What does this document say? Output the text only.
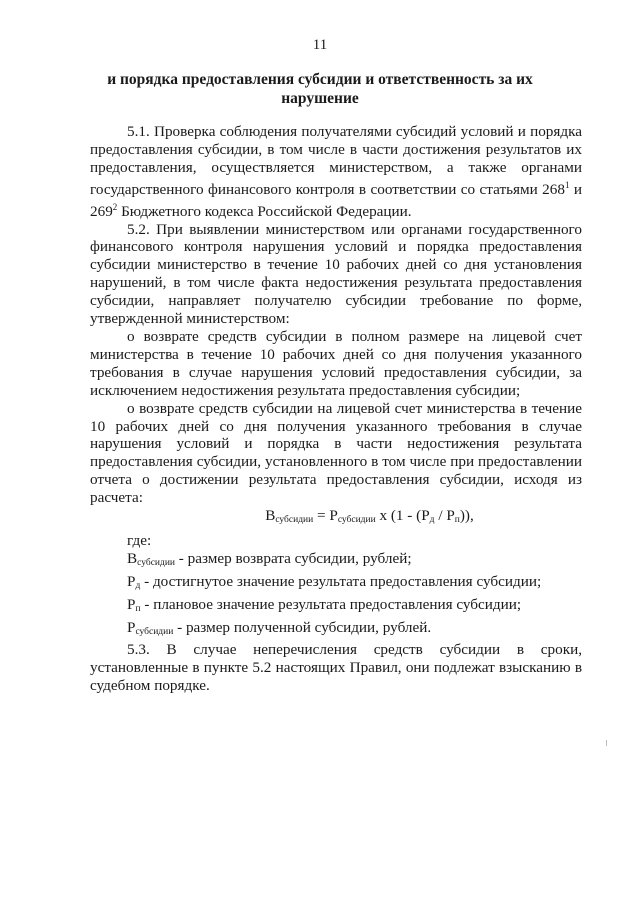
11
и порядка предоставления субсидии и ответственность за их нарушение

5.1. Проверка соблюдения получателями субсидий условий и порядка предоставления субсидии, в том числе в части достижения результатов их предоставления, осуществляется министерством, а также органами государственного финансового контроля в соответствии со статьями $268^1$ и $269^2$ Бюджетного кодекса Российской Федерации.

5.2. При выявлении министерством или органами государственного финансового контроля нарушения условий и порядка предоставления субсидии министерство в течение 10 рабочих дней со дня установления нарушений, в том числе факта недостижения результата предоставления субсидии, направляет получателю субсидии требование по форме, утвержденной министерством:

о возврате средств субсидии в полном размере на лицевой счет министерства в течение 10 рабочих дней со дня получения указанного требования в случае нарушения условий предоставления субсидии, за исключением недостижения результата предоставления субсидии;

о возврате средств субсидии на лицевой счет министерства в течение 10 рабочих дней со дня получения указанного требования в случае нарушения условий и порядка в части недостижения результата предоставления субсидии, установленного в том числе при предоставлении отчета о достижении результата предоставления субсидии, исходя из расчета:

$В_{субсидии} = Р_{субсидии}$ х $(1 - (Р_д / Р_п))$,

где:

$В_{субсидии}$ - размер возврата субсидии, рублей;

$Р_д$ - достигнутое значение результата предоставления субсидии;

$Р_п$ - плановое значение результата предоставления субсидии;

$Р_{субсидии}$ - размер полученной субсидии, рублей.

5.3. В случае неперечисления средств субсидии в сроки, установленные в пункте 5.2 настоящих Правил, они подлежат взысканию в судебном порядке.
